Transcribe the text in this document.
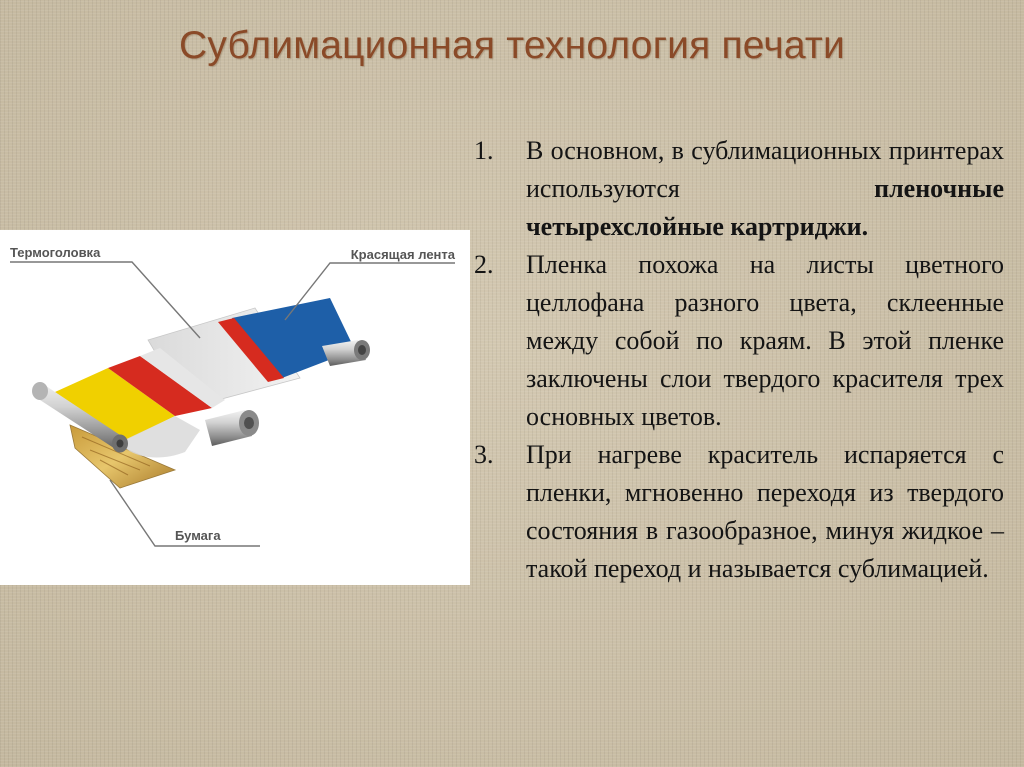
Сублимационная технология печати
Термоголовка	Красящая лента
Бумага
1.	В основном, в сублимационных принтерах используются пленочные четырехслойные картриджи.
2.	Пленка похожа на листы цветного целлофана разного цвета, склеенные между собой по краям. В этой пленке заключены слои твердого красителя трех основных цветов.
3.	При нагреве краситель испаряется с пленки, мгновенно переходя из твердого состояния в газообразное, минуя жидкое – такой переход и называется сублимацией.
